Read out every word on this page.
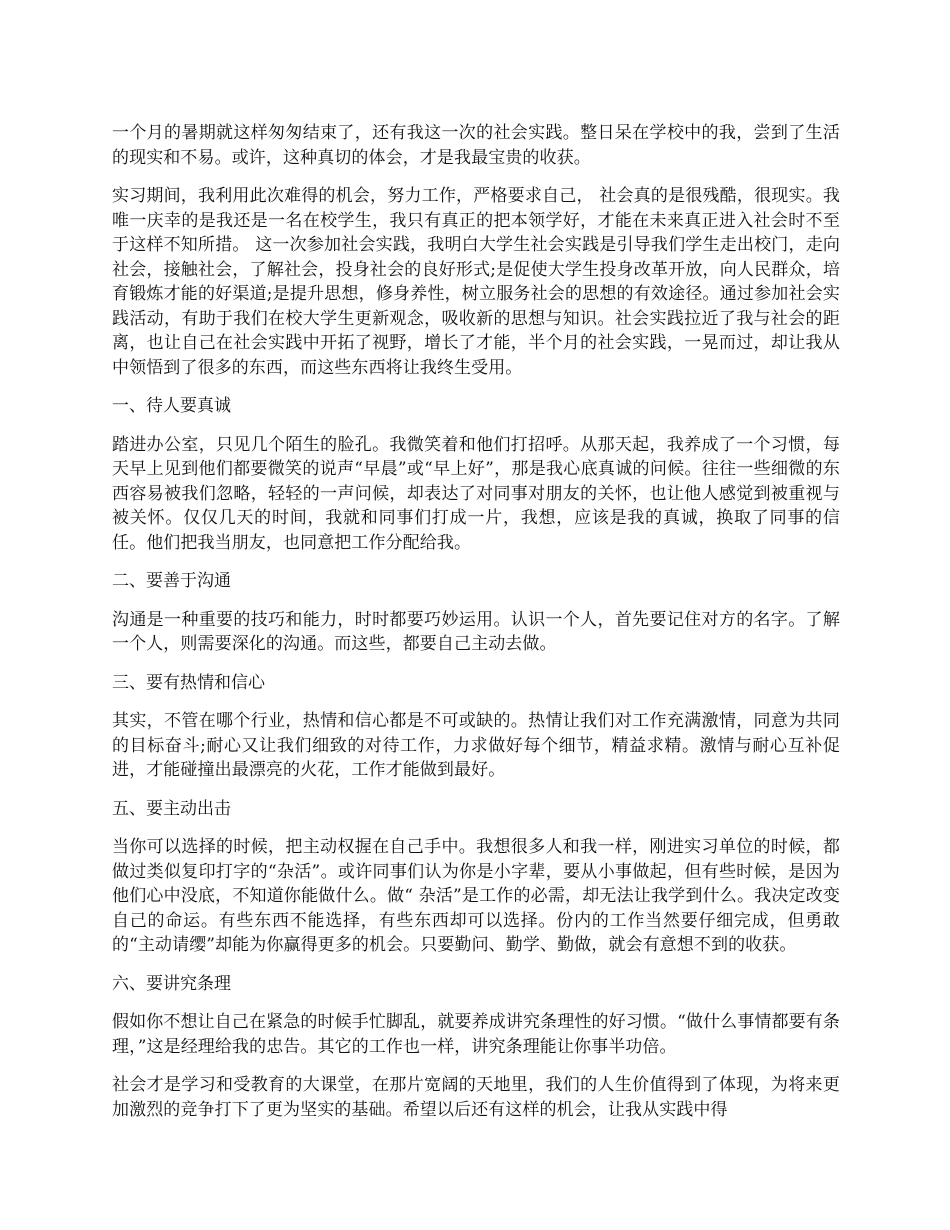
一个月的暑期就这样匆匆结束了，还有我这一次的社会实践。整日呆在学校中的我，尝到了生活的现实和不易。或许，这种真切的体会，才是我最宝贵的收获。

实习期间，我利用此次难得的机会，努力工作，严格要求自己， 社会真的是很残酷，很现实。我唯一庆幸的是我还是一名在校学生，我只有真正的把本领学好，才能在未来真正进入社会时不至于这样不知所措。 这一次参加社会实践，我明白大学生社会实践是引导我们学生走出校门，走向社会，接触社会，了解社会，投身社会的良好形式;是促使大学生投身改革开放，向人民群众，培育锻炼才能的好渠道;是提升思想，修身养性，树立服务社会的思想的有效途径。通过参加社会实践活动，有助于我们在校大学生更新观念，吸收新的思想与知识。社会实践拉近了我与社会的距离，也让自己在社会实践中开拓了视野，增长了才能，半个月的社会实践，一晃而过，却让我从中领悟到了很多的东西，而这些东西将让我终生受用。

一、待人要真诚

踏进办公室，只见几个陌生的脸孔。我微笑着和他们打招呼。从那天起，我养成了一个习惯，每天早上见到他们都要微笑的说声“早晨”或“早上好”，那是我心底真诚的问候。往往一些细微的东西容易被我们忽略，轻轻的一声问候，却表达了对同事对朋友的关怀，也让他人感觉到被重视与被关怀。仅仅几天的时间，我就和同事们打成一片，我想，应该是我的真诚，换取了同事的信任。他们把我当朋友，也同意把工作分配给我。

二、要善于沟通

沟通是一种重要的技巧和能力，时时都要巧妙运用。认识一个人，首先要记住对方的名字。了解一个人，则需要深化的沟通。而这些，都要自己主动去做。

三、要有热情和信心

其实，不管在哪个行业，热情和信心都是不可或缺的。热情让我们对工作充满激情，同意为共同的目标奋斗;耐心又让我们细致的对待工作，力求做好每个细节，精益求精。激情与耐心互补促进，才能碰撞出最漂亮的火花，工作才能做到最好。

五、要主动出击

当你可以选择的时候，把主动权握在自己手中。我想很多人和我一样，刚进实习单位的时候，都做过类似复印打字的“杂活”。或许同事们认为你是小字辈，要从小事做起，但有些时候，是因为他们心中没底，不知道你能做什么。做“ 杂活”是工作的必需，却无法让我学到什么。我决定改变自己的命运。有些东西不能选择，有些东西却可以选择。份内的工作当然要仔细完成，但勇敢的“主动请缨”却能为你赢得更多的机会。只要勤问、勤学、勤做，就会有意想不到的收获。

六、要讲究条理

假如你不想让自己在紧急的时候手忙脚乱，就要养成讲究条理性的好习惯。“做什么事情都要有条理，”这是经理给我的忠告。其它的工作也一样，讲究条理能让你事半功倍。

社会才是学习和受教育的大课堂，在那片宽阔的天地里，我们的人生价值得到了体现，为将来更加激烈的竞争打下了更为坚实的基础。希望以后还有这样的机会，让我从实践中得
